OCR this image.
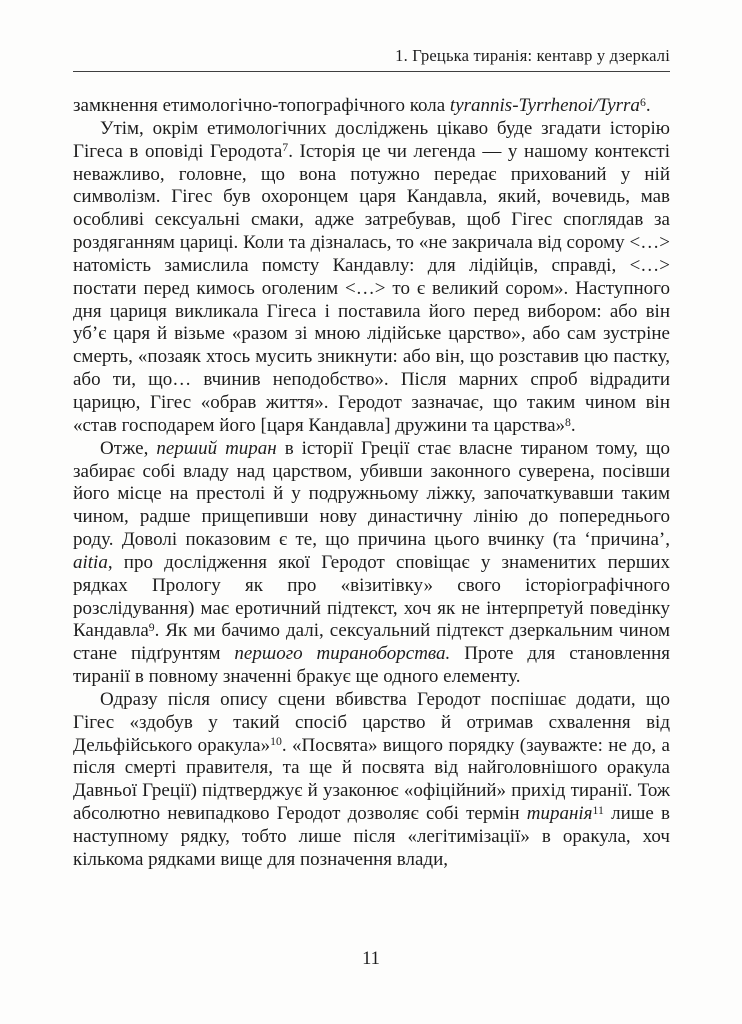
1. Грецька тиранія: кентавр у дзеркалі

замкнення етимологічно-топографічного кола tyrannis-Tyrrhenoi/Tyrra$^6$.

Утім, окрім етимологічних досліджень цікаво буде згадати історію Гігеса в оповіді Геродота$^7$. Історія це чи легенда — у нашому контексті неважливо, головне, що вона потужно передає прихований у ній символізм. Гігес був охоронцем царя Кандавла, який, вочевидь, мав особливі сексуальні смаки, адже затребував, щоб Гігес споглядав за роздяганням цариці. Коли та дізналась, то «не закричала від сорому <…> натомість замислила помсту Кандавлу: для лідійців, справді, <…> постати перед кимось оголеним <…> то є великий сором». Наступного дня цариця викликала Гігеса і поставила його перед вибором: або він уб’є царя й візьме «разом зі мною лідійське царство», або сам зустріне смерть, «позаяк хтось мусить зникнути: або він, що розставив цю пастку, або ти, що… вчинив неподобство». Після марних спроб відрадити царицю, Гігес «обрав життя». Геродот зазначає, що таким чином він «став господарем його [царя Кандавла] дружини та царства»$^8$.

Отже, перший тиран в історії Греції стає власне тираном тому, що забирає собі владу над царством, убивши законного суверена, посівши його місце на престолі й у подружньому ліжку, започаткувавши таким чином, радше прищепивши нову династичну лінію до попереднього роду. Доволі показовим є те, що причина цього вчинку (та ‘причина’, aitia, про дослідження якої Геродот сповіщає у знаменитих перших рядках Прологу як про «візитівку» свого історіографічного розслідування) має еротичний підтекст, хоч як не інтерпретуй поведінку Кандавла$^9$. Як ми бачимо далі, сексуальний підтекст дзеркальним чином стане підґрунтям першого тираноборства. Проте для становлення тиранії в повному значенні бракує ще одного елементу.

Одразу після опису сцени вбивства Геродот поспішає додати, що Гігес «здобув у такий спосіб царство й отримав схвалення від Дельфійського оракула»$^{10}$. «Посвята» вищого порядку (зауважте: не до, а після смерті правителя, та ще й посвята від найголовнішого оракула Давньої Греції) підтверджує й узаконює «офіційний» прихід тиранії. Тож абсолютно невипадково Геродот дозволяє собі термін тиранія$^{11}$ лише в наступному рядку, тобто лише після «легітимізації» в оракула, хоч кількома рядками вище для позначення влади,

11
